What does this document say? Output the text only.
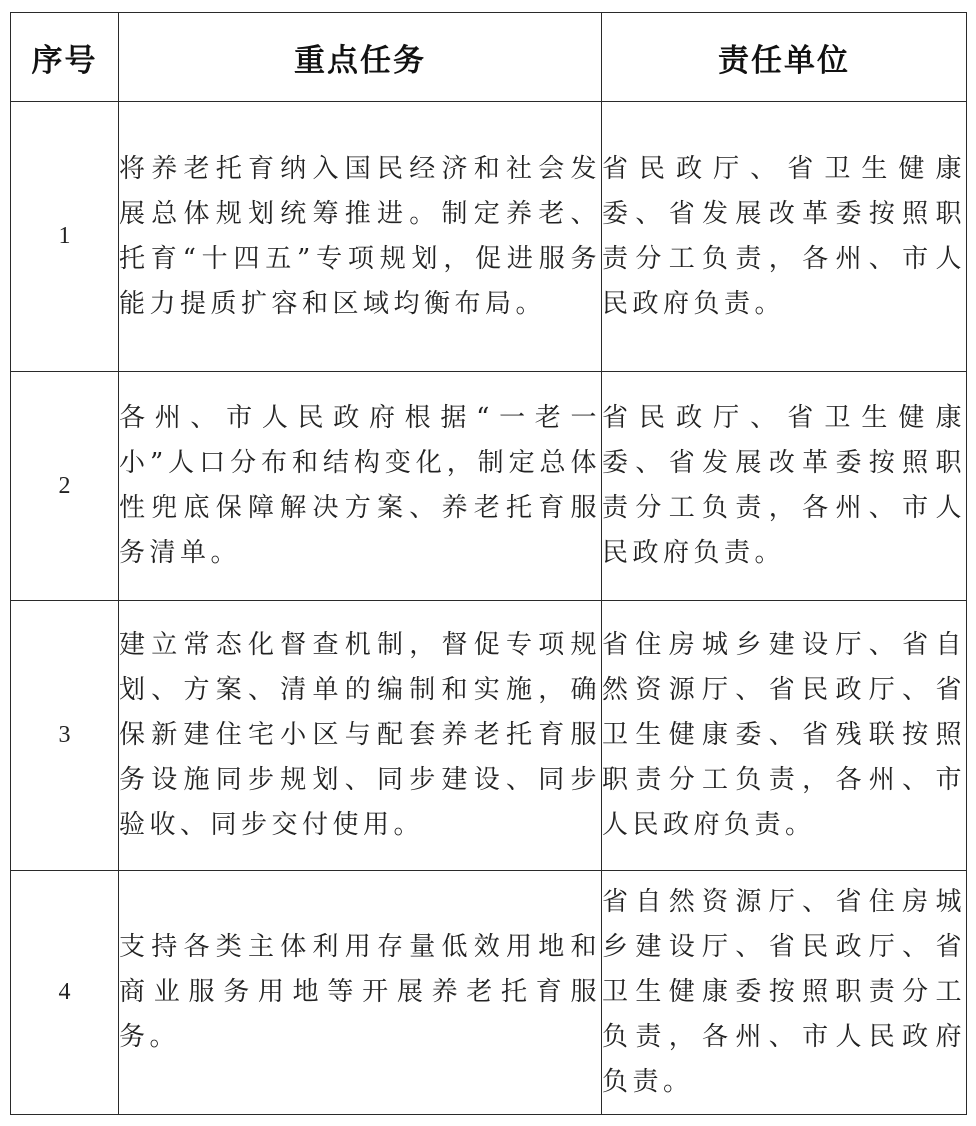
序号	重点任务	责任单位
1	将养老托育纳入国民经济和社会发展总体规划统筹推进。制定养老、托育“十四五”专项规划，促进服务能力提质扩容和区域均衡布局。	省民政厅、省卫生健康委、省发展改革委按照职责分工负责，各州、市人民政府负责。

2	各州、市人民政府根据“一老一小”人口分布和结构变化，制定总体性兜底保障解决方案、养老托育服务清单。	省民政厅、省卫生健康委、省发展改革委按照职责分工负责，各州、市人民政府负责。

3	建立常态化督查机制，督促专项规划、方案、清单的编制和实施，确保新建住宅小区与配套养老托育服务设施同步规划、同步建设、同步验收、同步交付使用。	省住房城乡建设厅、省自然资源厅、省民政厅、省卫生健康委、省残联按照职责分工负责，各州、市人民政府负责。

4	支持各类主体利用存量低效用地和商业服务用地等开展养老托育服务。	省自然资源厅、省住房城乡建设厅、省民政厅、省卫生健康委按照职责分工负责，各州、市人民政府负责。
